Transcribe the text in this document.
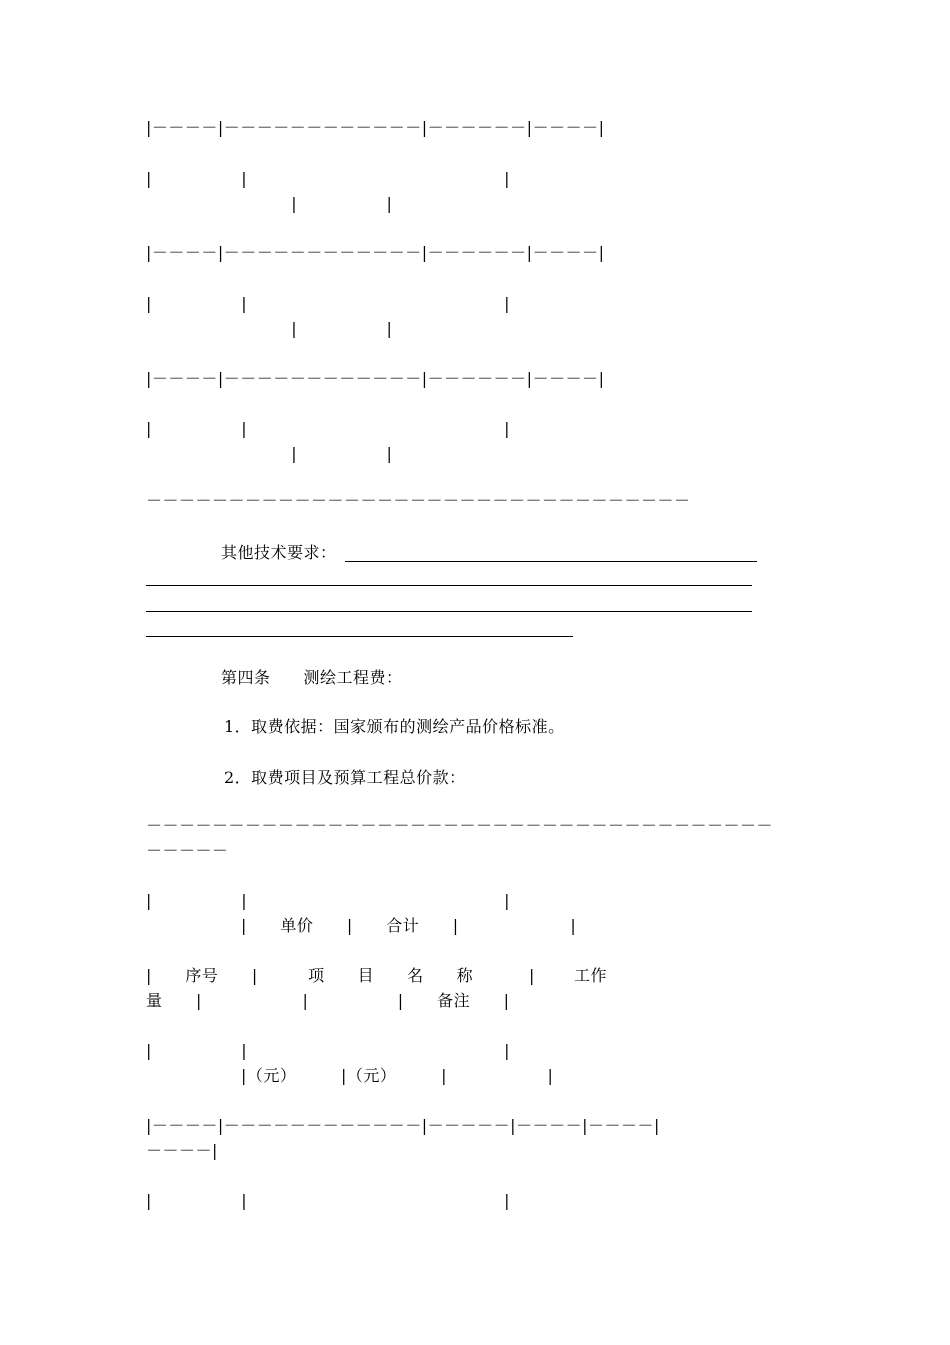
|－－－－|－－－－－－－－－－－－|－－－－－－|－－－－|
|                |                                              |
|                |
|－－－－|－－－－－－－－－－－－|－－－－－－|－－－－|
|                |                                              |
|                |
|－－－－|－－－－－－－－－－－－|－－－－－－|－－－－|
|                |                                              |
|                |
－－－－－－－－－－－－－－－－－－－－－－－－－－－－－－－－－
其他技术要求：
第四条　　测绘工程费：
1．取费依据：国家颁布的测绘产品价格标准。
2．取费项目及预算工程总价款：
－－－－－－－－－－－－－－－－－－－－－－－－－－－－－－－－－－－－－－
－－－－－
|                |                                              |
|      单价      |      合计      |                    |
|      序号      |         项　　目　　名　　称          |       工作
量      |                  |                |      备注      |
|                |                                              |
|（元）        |（元）        |                  |
|－－－－|－－－－－－－－－－－－|－－－－－|－－－－|－－－－|
－－－－|
|                |                                              |
